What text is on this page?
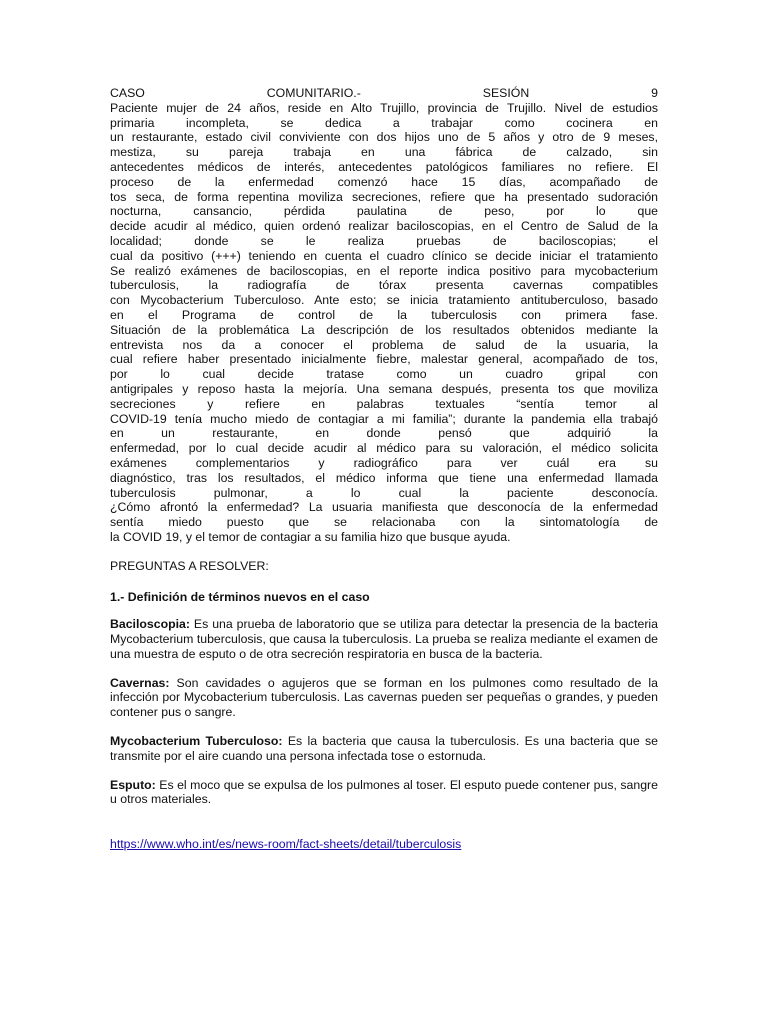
CASO	COMUNITARIO.-	SESIÓN	9

Paciente mujer de 24 años, reside en Alto Trujillo, provincia de Trujillo. Nivel de estudios

primaria incompleta, se dedica a trabajar como cocinera en

un restaurante, estado civil conviviente con dos hijos uno de 5 años y otro de 9 meses,

mestiza, su pareja trabaja en una fábrica de calzado, sin

antecedentes médicos de interés, antecedentes patológicos familiares no refiere. El

proceso de la enfermedad comenzó hace 15 días, acompañado de

tos seca, de forma repentina moviliza secreciones, refiere que ha presentado sudoración

nocturna, cansancio, pérdida paulatina de peso, por lo que

decide acudir al médico, quien ordenó realizar baciloscopias, en el Centro de Salud de la

localidad; donde se le realiza pruebas de baciloscopias; el

cual da positivo (+++) teniendo en cuenta el cuadro clínico se decide iniciar el tratamiento

Se realizó exámenes de baciloscopias, en el reporte indica positivo para mycobacterium

tuberculosis, la radiografía de tórax presenta cavernas compatibles

con Mycobacterium Tuberculoso. Ante esto; se inicia tratamiento antituberculoso, basado

en el Programa de control de la tuberculosis con primera fase.

Situación de la problemática La descripción de los resultados obtenidos mediante la

entrevista nos da a conocer el problema de salud de la usuaria, la

cual refiere haber presentado inicialmente fiebre, malestar general, acompañado de tos,

por lo cual decide tratase como un cuadro gripal con

antigripales y reposo hasta la mejoría. Una semana después, presenta tos que moviliza

secreciones y refiere en palabras textuales “sentía temor al

COVID-19 tenía mucho miedo de contagiar a mi familia”; durante la pandemia ella trabajó

en un restaurante, en donde pensó que adquirió la

enfermedad, por lo cual decide acudir al médico para su valoración, el médico solicita

exámenes complementarios y radiográfico para ver cuál era su

diagnóstico, tras los resultados, el médico informa que tiene una enfermedad llamada

tuberculosis pulmonar, a lo cual la paciente desconocía.

¿Cómo afrontó la enfermedad? La usuaria manifiesta que desconocía de la enfermedad

sentía miedo puesto que se relacionaba con la sintomatología de

la COVID 19, y el temor de contagiar a su familia hizo que busque ayuda.

PREGUNTAS A RESOLVER:

1.- Definición de términos nuevos en el caso

Baciloscopia: Es una prueba de laboratorio que se utiliza para detectar la presencia de la bacteria Mycobacterium tuberculosis, que causa la tuberculosis. La prueba se realiza mediante el examen de una muestra de esputo o de otra secreción respiratoria en busca de la bacteria.

Cavernas: Son cavidades o agujeros que se forman en los pulmones como resultado de la infección por Mycobacterium tuberculosis. Las cavernas pueden ser pequeñas o grandes, y pueden contener pus o sangre.

Mycobacterium Tuberculoso: Es la bacteria que causa la tuberculosis. Es una bacteria que se transmite por el aire cuando una persona infectada tose o estornuda.

Esputo: Es el moco que se expulsa de los pulmones al toser. El esputo puede contener pus, sangre u otros materiales.

https://www.who.int/es/news-room/fact-sheets/detail/tuberculosis
